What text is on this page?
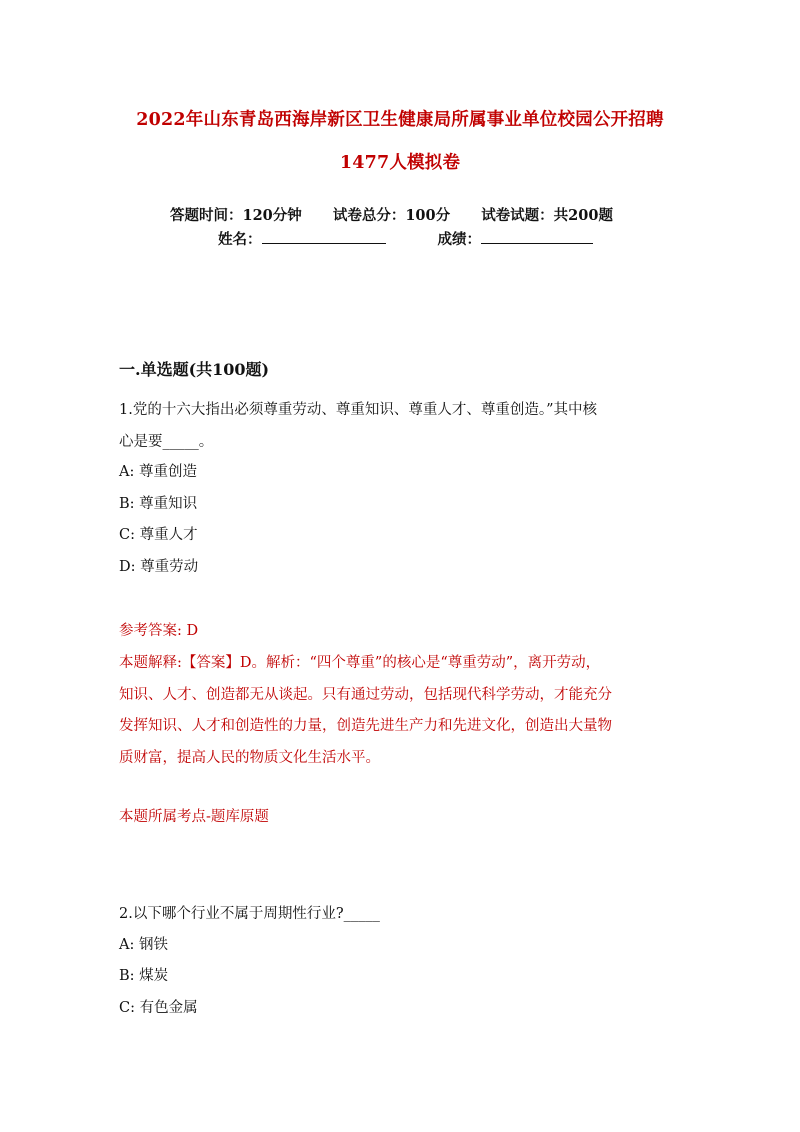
2022年山东青岛西海岸新区卫生健康局所属事业单位校园公开招聘
1477人模拟卷
答题时间：120分钟 试卷总分：100分 试卷试题：共200题
姓名：	成绩：
一.单选题(共100题)
1.党的十六大指出必须尊重劳动、尊重知识、尊重人才、尊重创造。”其中核
心是要_____。
A: 尊重创造
B: 尊重知识
C: 尊重人才
D: 尊重劳动
参考答案: D
本题解释:【答案】D。解析：“四个尊重”的核心是“尊重劳动”，离开劳动，
知识、人才、创造都无从谈起。只有通过劳动，包括现代科学劳动，才能充分
发挥知识、人才和创造性的力量，创造先进生产力和先进文化，创造出大量物
质财富，提高人民的物质文化生活水平。
本题所属考点-题库原题
2.以下哪个行业不属于周期性行业?_____
A: 钢铁
B: 煤炭
C: 有色金属
